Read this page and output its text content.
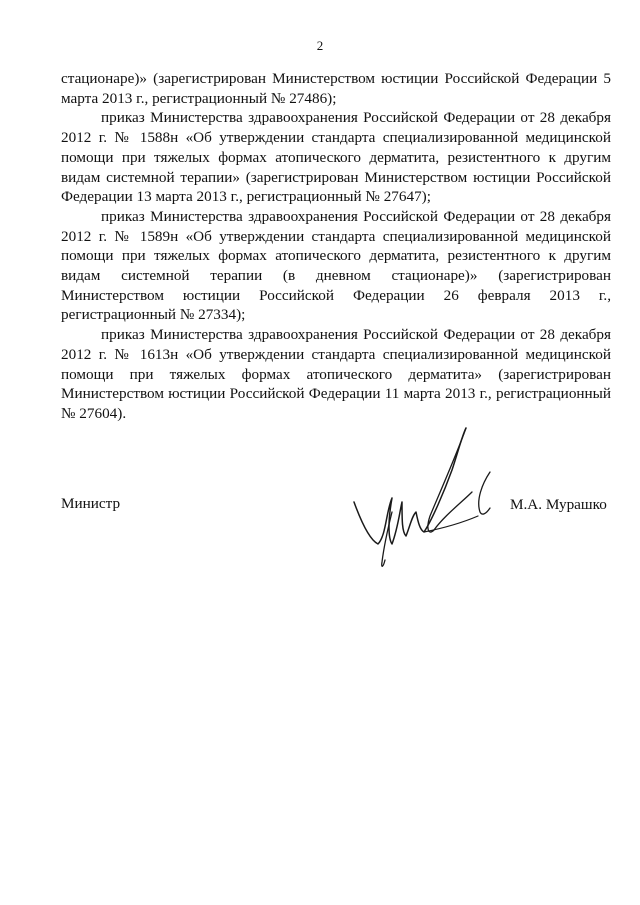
2

стационаре)» (зарегистрирован Министерством юстиции Российской Федерации 5 марта 2013 г., регистрационный № 27486);

приказ Министерства здравоохранения Российской Федерации от 28 декабря 2012 г. № 1588н «Об утверждении стандарта специализированной медицинской помощи при тяжелых формах атопического дерматита, резистентного к другим видам системной терапии» (зарегистрирован Министерством юстиции Российской Федерации 13 марта 2013 г., регистрационный № 27647);

приказ Министерства здравоохранения Российской Федерации от 28 декабря 2012 г. № 1589н «Об утверждении стандарта специализированной медицинской помощи при тяжелых формах атопического дерматита, резистентного к другим видам системной терапии (в дневном стационаре)» (зарегистрирован Министерством юстиции Российской Федерации 26 февраля 2013 г., регистрационный № 27334);

приказ Министерства здравоохранения Российской Федерации от 28 декабря 2012 г. № 1613н «Об утверждении стандарта специализированной медицинской помощи при тяжелых формах атопического дерматита» (зарегистрирован Министерством юстиции Российской Федерации 11 марта 2013 г., регистрационный № 27604).

Министр	М.А. Мурашко
